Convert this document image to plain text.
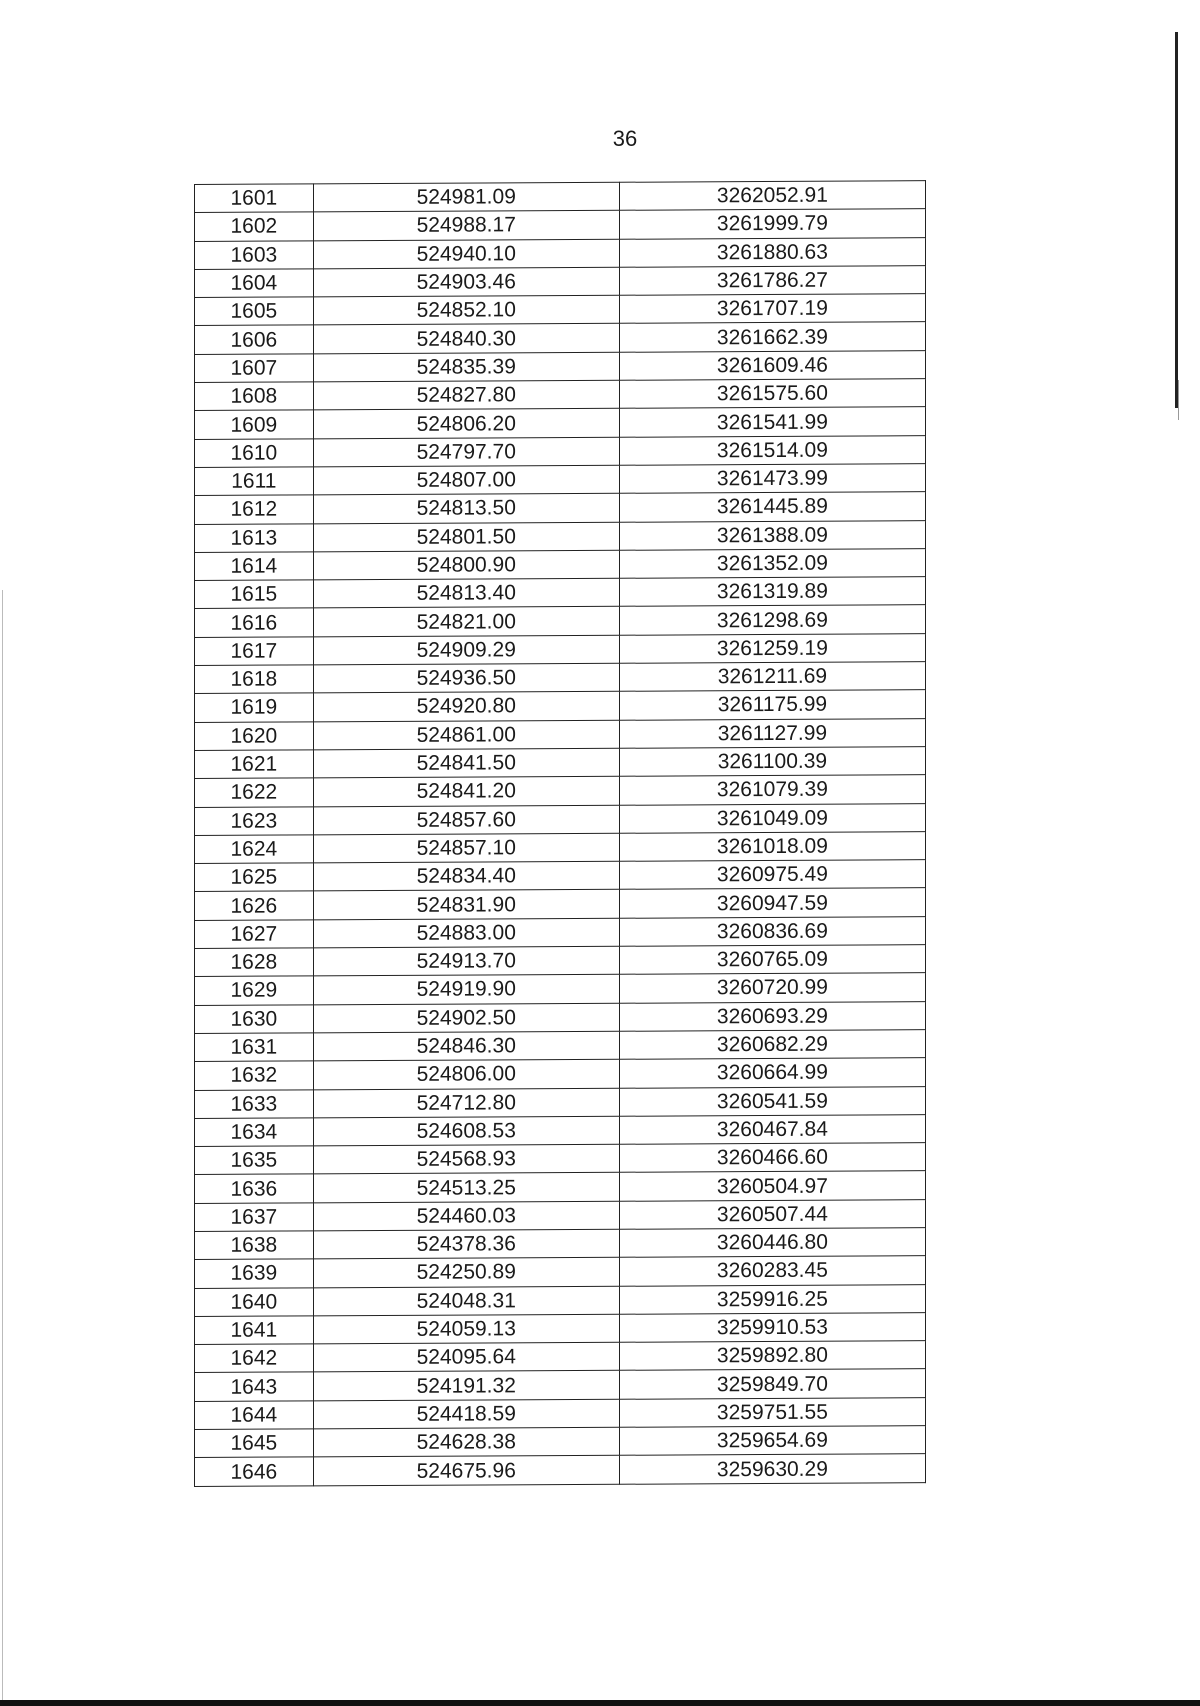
36
1601	524981.09	3262052.91
1602	524988.17	3261999.79
1603	524940.10	3261880.63
1604	524903.46	3261786.27
1605	524852.10	3261707.19
1606	524840.30	3261662.39
1607	524835.39	3261609.46
1608	524827.80	3261575.60
1609	524806.20	3261541.99
1610	524797.70	3261514.09
1611	524807.00	3261473.99
1612	524813.50	3261445.89
1613	524801.50	3261388.09
1614	524800.90	3261352.09
1615	524813.40	3261319.89
1616	524821.00	3261298.69
1617	524909.29	3261259.19
1618	524936.50	3261211.69
1619	524920.80	3261175.99
1620	524861.00	3261127.99
1621	524841.50	3261100.39
1622	524841.20	3261079.39
1623	524857.60	3261049.09
1624	524857.10	3261018.09
1625	524834.40	3260975.49
1626	524831.90	3260947.59
1627	524883.00	3260836.69
1628	524913.70	3260765.09
1629	524919.90	3260720.99
1630	524902.50	3260693.29
1631	524846.30	3260682.29
1632	524806.00	3260664.99
1633	524712.80	3260541.59
1634	524608.53	3260467.84
1635	524568.93	3260466.60
1636	524513.25	3260504.97
1637	524460.03	3260507.44
1638	524378.36	3260446.80
1639	524250.89	3260283.45
1640	524048.31	3259916.25
1641	524059.13	3259910.53
1642	524095.64	3259892.80
1643	524191.32	3259849.70
1644	524418.59	3259751.55
1645	524628.38	3259654.69
1646	524675.96	3259630.29
